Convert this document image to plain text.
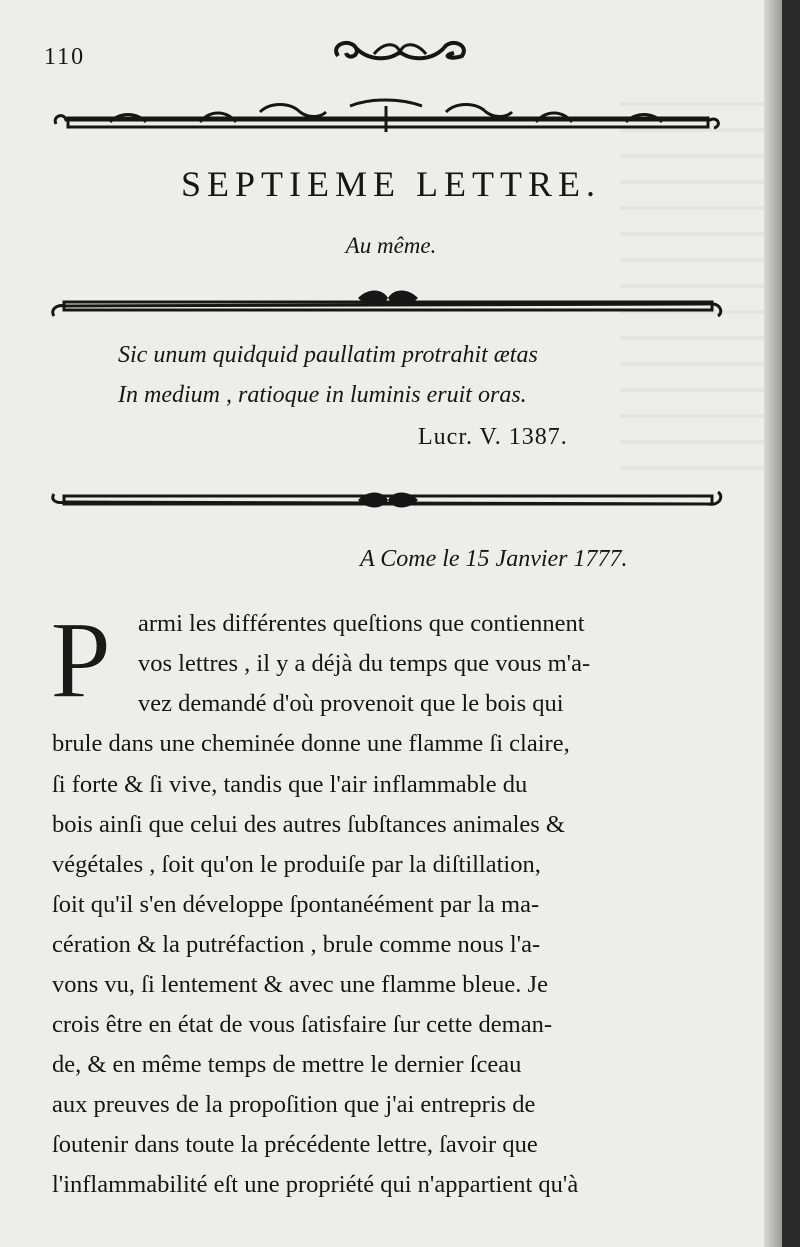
110
SEPTIEME LETTRE.
Au même.
Sic unum quidquid paullatim protrahit ætas
In medium , ratioque in luminis eruit oras.
Lucr. V. 1387.
A Come le 15 Janvier 1777.
P armi les différentes queſtions que contiennent
vos lettres , il y a déjà du temps que vous m'a-
vez demandé d'où provenoit que le bois qui
brule dans une cheminée donne une flamme ſi claire,
ſi forte & ſi vive, tandis que l'air inflammable du
bois ainſi que celui des autres ſubſtances animales &
végétales , ſoit qu'on le produiſe par la diſtillation,
ſoit qu'il s'en développe ſpontanéément par la ma-
cération & la putréfaction , brule comme nous l'a-
vons vu, ſi lentement & avec une flamme bleue. Je
crois être en état de vous ſatisfaire ſur cette deman-
de, & en même temps de mettre le dernier ſceau
aux preuves de la propoſition que j'ai entrepris de
ſoutenir dans toute la précédente lettre, ſavoir que
l'inflammabilité eſt une propriété qui n'appartient qu'à
